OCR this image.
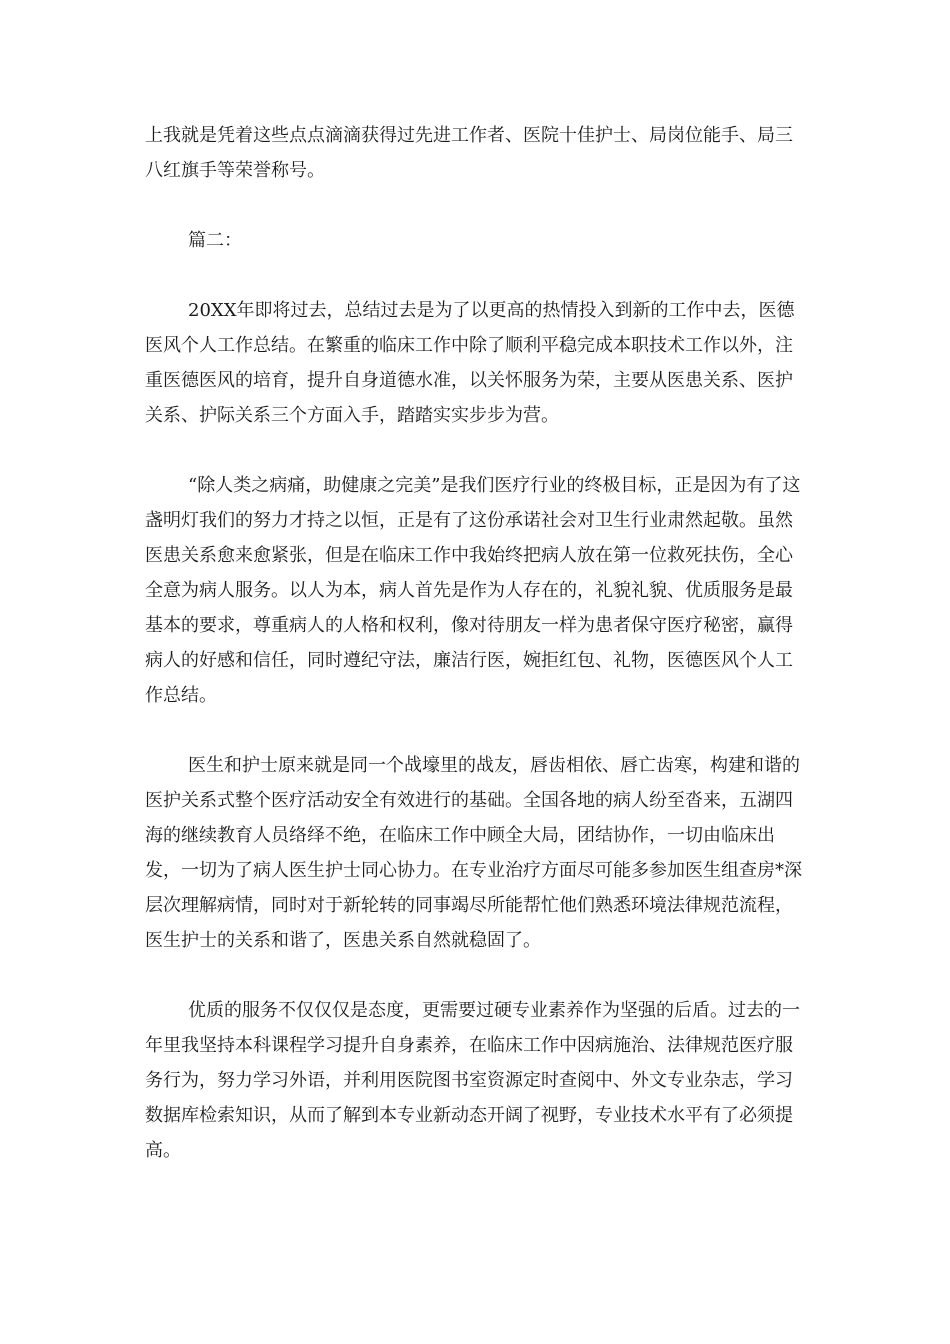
上我就是凭着这些点点滴滴获得过先进工作者、医院十佳护士、局岗位能手、局三八红旗手等荣誉称号。

篇二：

20XX年即将过去，总结过去是为了以更高的热情投入到新的工作中去，医德医风个人工作总结。在繁重的临床工作中除了顺利平稳完成本职技术工作以外，注重医德医风的培育，提升自身道德水准，以关怀服务为荣，主要从医患关系、医护关系、护际关系三个方面入手，踏踏实实步步为营。

“除人类之病痛，助健康之完美”是我们医疗行业的终极目标，正是因为有了这盏明灯我们的努力才持之以恒，正是有了这份承诺社会对卫生行业肃然起敬。虽然医患关系愈来愈紧张，但是在临床工作中我始终把病人放在第一位救死扶伤，全心全意为病人服务。以人为本，病人首先是作为人存在的，礼貌礼貌、优质服务是最基本的要求，尊重病人的人格和权利，像对待朋友一样为患者保守医疗秘密，赢得病人的好感和信任，同时遵纪守法，廉洁行医，婉拒红包、礼物，医德医风个人工作总结。

医生和护士原来就是同一个战壕里的战友，唇齿相依、唇亡齿寒，构建和谐的医护关系式整个医疗活动安全有效进行的基础。全国各地的病人纷至沓来，五湖四海的继续教育人员络绎不绝，在临床工作中顾全大局，团结协作，一切由临床出发，一切为了病人医生护士同心协力。在专业治疗方面尽可能多参加医生组查房*深层次理解病情，同时对于新轮转的同事竭尽所能帮忙他们熟悉环境法律规范流程，医生护士的关系和谐了，医患关系自然就稳固了。

优质的服务不仅仅仅是态度，更需要过硬专业素养作为坚强的后盾。过去的一年里我坚持本科课程学习提升自身素养，在临床工作中因病施治、法律规范医疗服务行为，努力学习外语，并利用医院图书室资源定时查阅中、外文专业杂志，学习数据库检索知识，从而了解到本专业新动态开阔了视野，专业技术水平有了必须提高。
